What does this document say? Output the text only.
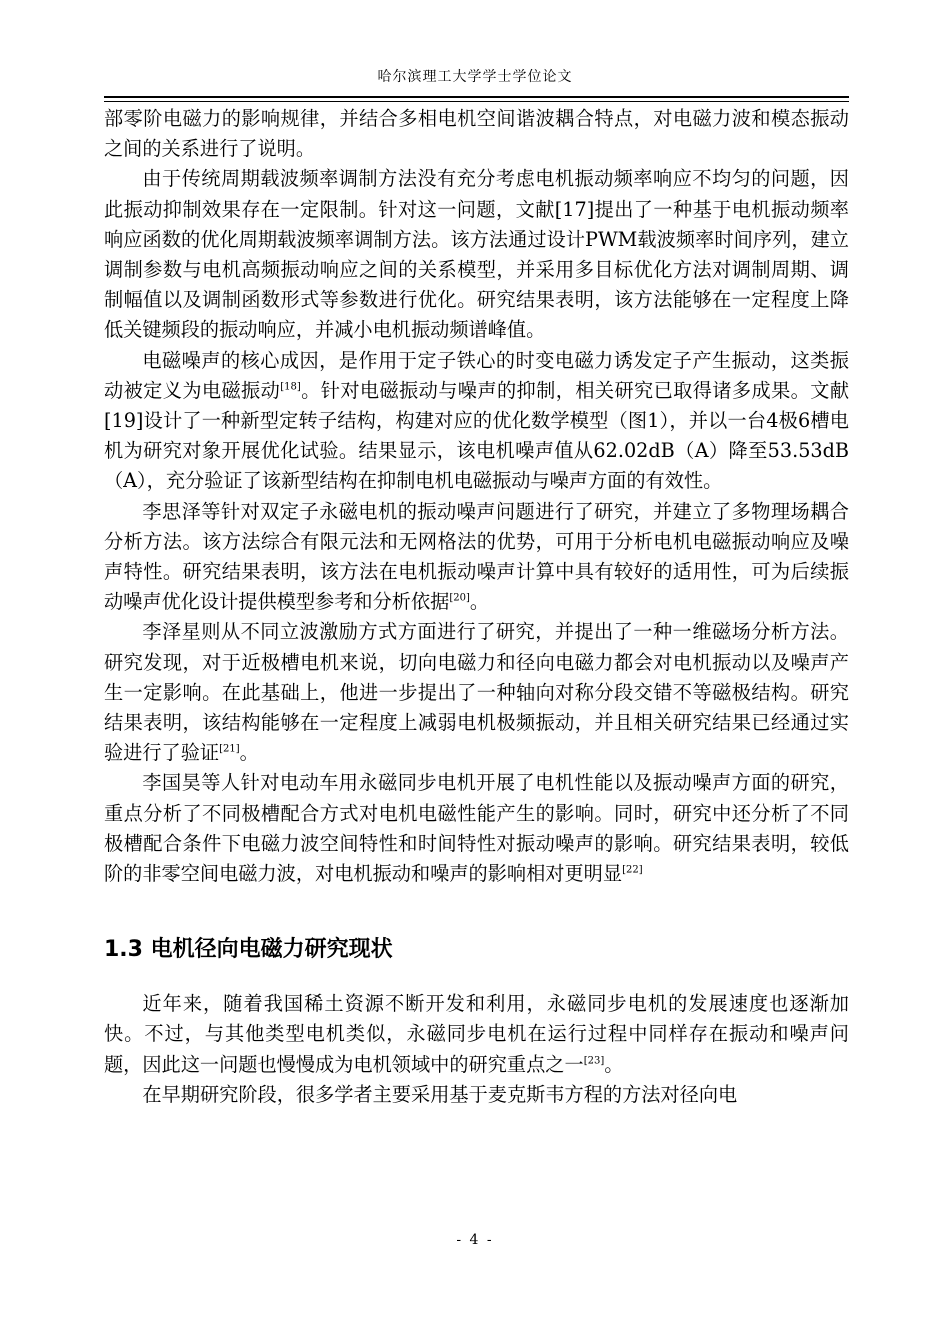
哈尔滨理工大学学士学位论文

部零阶电磁力的影响规律，并结合多相电机空间谐波耦合特点，对电磁力波和模态振动之间的关系进行了说明。

由于传统周期载波频率调制方法没有充分考虑电机振动频率响应不均匀的问题，因此振动抑制效果存在一定限制。针对这一问题，文献[17]提出了一种基于电机振动频率响应函数的优化周期载波频率调制方法。该方法通过设计PWM载波频率时间序列，建立调制参数与电机高频振动响应之间的关系模型，并采用多目标优化方法对调制周期、调制幅值以及调制函数形式等参数进行优化。研究结果表明，该方法能够在一定程度上降低关键频段的振动响应，并减小电机振动频谱峰值。

电磁噪声的核心成因，是作用于定子铁心的时变电磁力诱发定子产生振动，这类振动被定义为电磁振动[18]。针对电磁振动与噪声的抑制，相关研究已取得诸多成果。文献[19]设计了一种新型定转子结构，构建对应的优化数学模型（图1），并以一台4极6槽电机为研究对象开展优化试验。结果显示，该电机噪声值从62.02dB（A）降至53.53dB（A），充分验证了该新型结构在抑制电机电磁振动与噪声方面的有效性。

李思泽等针对双定子永磁电机的振动噪声问题进行了研究，并建立了多物理场耦合分析方法。该方法综合有限元法和无网格法的优势，可用于分析电机电磁振动响应及噪声特性。研究结果表明，该方法在电机振动噪声计算中具有较好的适用性，可为后续振动噪声优化设计提供模型参考和分析依据[20]。

李泽星则从不同立波激励方式方面进行了研究，并提出了一种一维磁场分析方法。研究发现，对于近极槽电机来说，切向电磁力和径向电磁力都会对电机振动以及噪声产生一定影响。在此基础上，他进一步提出了一种轴向对称分段交错不等磁极结构。研究结果表明，该结构能够在一定程度上减弱电机极频振动，并且相关研究结果已经通过实验进行了验证[21]。

李国昊等人针对电动车用永磁同步电机开展了电机性能以及振动噪声方面的研究，重点分析了不同极槽配合方式对电机电磁性能产生的影响。同时，研究中还分析了不同极槽配合条件下电磁力波空间特性和时间特性对振动噪声的影响。研究结果表明，较低阶的非零空间电磁力波，对电机振动和噪声的影响相对更明显[22]

1.3 电机径向电磁力研究现状

近年来，随着我国稀土资源不断开发和利用，永磁同步电机的发展速度也逐渐加快。不过，与其他类型电机类似，永磁同步电机在运行过程中同样存在振动和噪声问题，因此这一问题也慢慢成为电机领域中的研究重点之一[23]。

在早期研究阶段，很多学者主要采用基于麦克斯韦方程的方法对径向电

- 4 -
